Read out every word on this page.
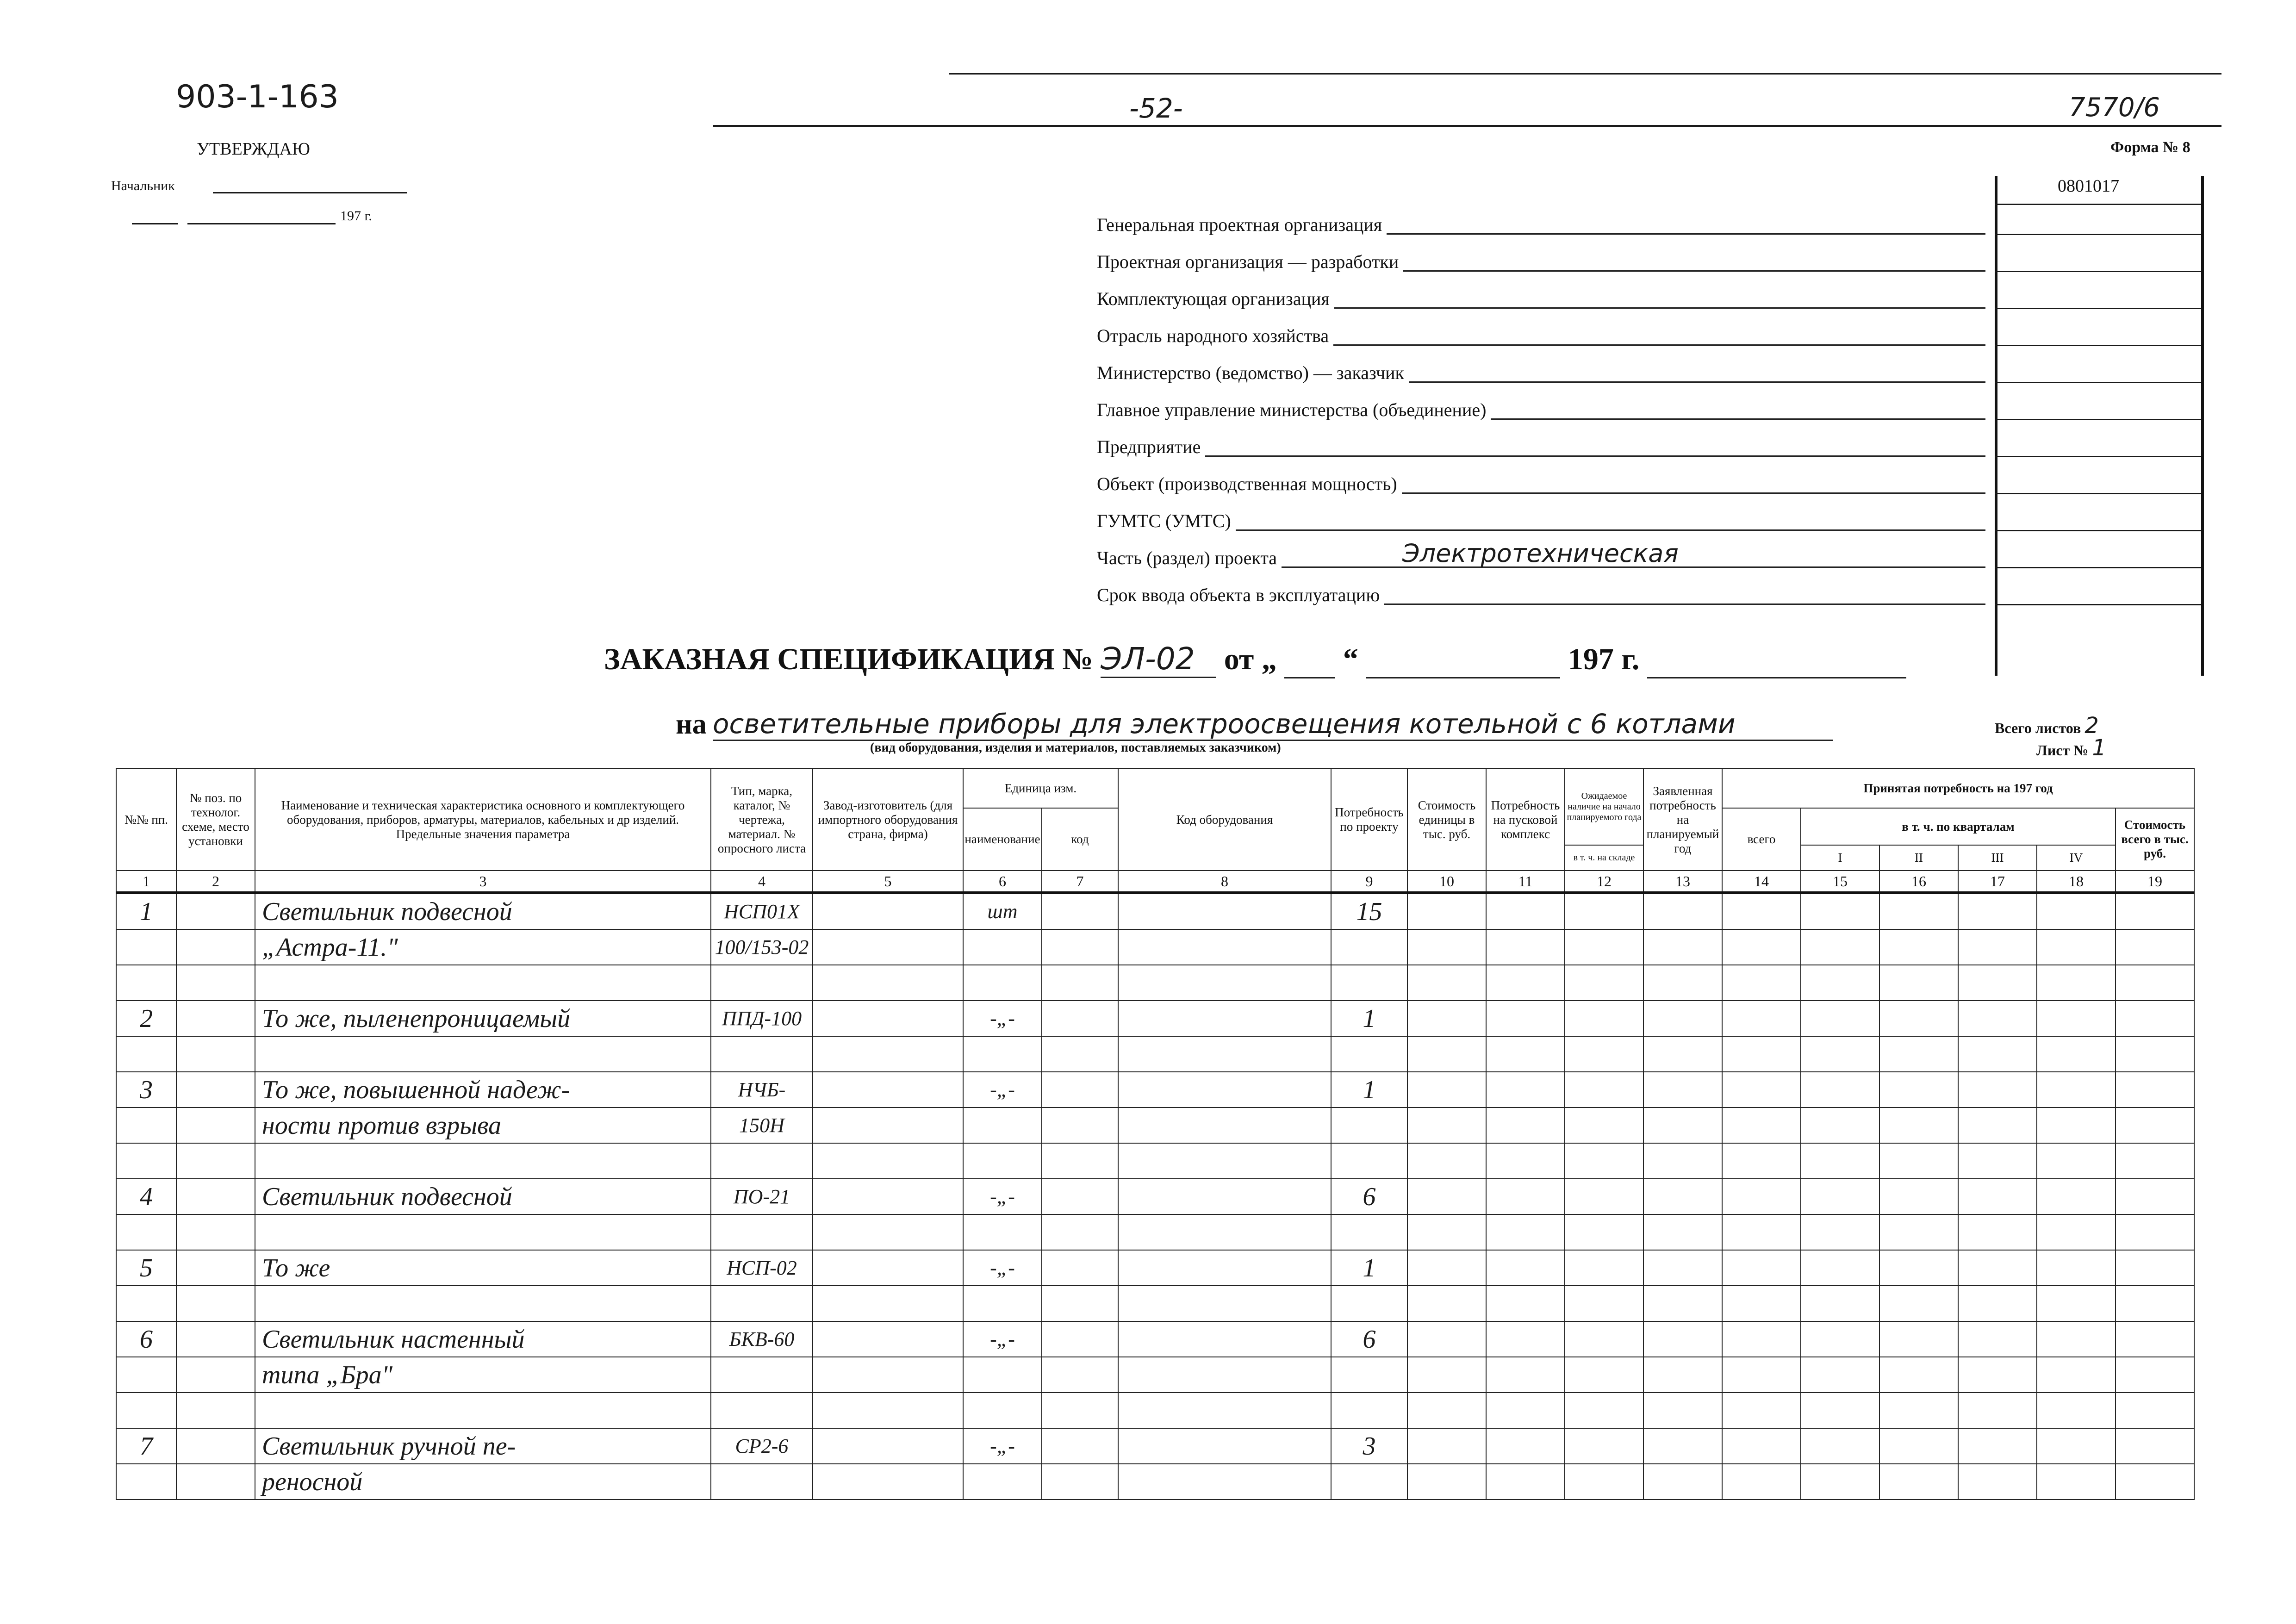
903-1-163	-52-	7570/6
УТВЕРЖДАЮ	Форма № 8
Начальник
197 г.
0801017
Генеральная проектная организация
Проектная организация — разработки
Комплектующая организация
Отрасль народного хозяйства
Министерство (ведомство) — заказчик
Главное управление министерства (объединение)
Предприятие
Объект (производственная мощность)
ГУМТС (УМТС)
Часть (раздел) проекта	Электротехническая
Срок ввода объекта в эксплуатацию
ЗАКАЗНАЯ СПЕЦИФИКАЦИЯ № ЭЛ-02 от „ “	197 г.
на осветительные приборы для электроосвещения котельной с 6 котлами
(вид оборудования, изделия и материалов, поставляемых заказчиком)
Всего листов 2
Лист № 1
№№ пп.	№ поз. по технолог. схеме, место установки	Наименование и техническая характеристика основного и комплектующего оборудования, приборов, арматуры, материалов, кабельных и др изделий. Предельные значения параметра	Тип, марка, каталог, № чертежа, материал. № опросного листа	Завод-изготовитель (для импортного оборудования страна, фирма)	Единица изм.		Код оборудования	Потребность по проекту	Стоимость единицы в тыс. руб.	Потребность на пусковой комплекс	Ожидаемое наличие на начало планируемого года	Заявленная потребность на планируемый год	Принятая потребность на 197 год					
					наименование	код							всего	в т. ч. по кварталам				Стоимость всего в тыс. руб.
											в т. ч. на складе			I	II	III	IV	
1	2	3	4	5	6	7	8	9	10	11	12	13	14	15	16	17	18	19
1		Светильник подвесной	НСП01Х		шт			15										
		„Астра-11."	100/153-02															

2		То же, пыленепроницаемый	ППД-100		-„-			1										

3		То же, повышенной надеж-	НЧБ-		-„-			1										
		ности против взрыва	150Н															

4		Светильник подвесной	ПО-21		-„-			6										

5		То же	НСП-02		-„-			1										

6		Светильник настенный	БКВ-60		-„-			6										
		типа „Бра"																

7		Светильник ручной пе-	СР2-6		-„-			3										
		реносной																
